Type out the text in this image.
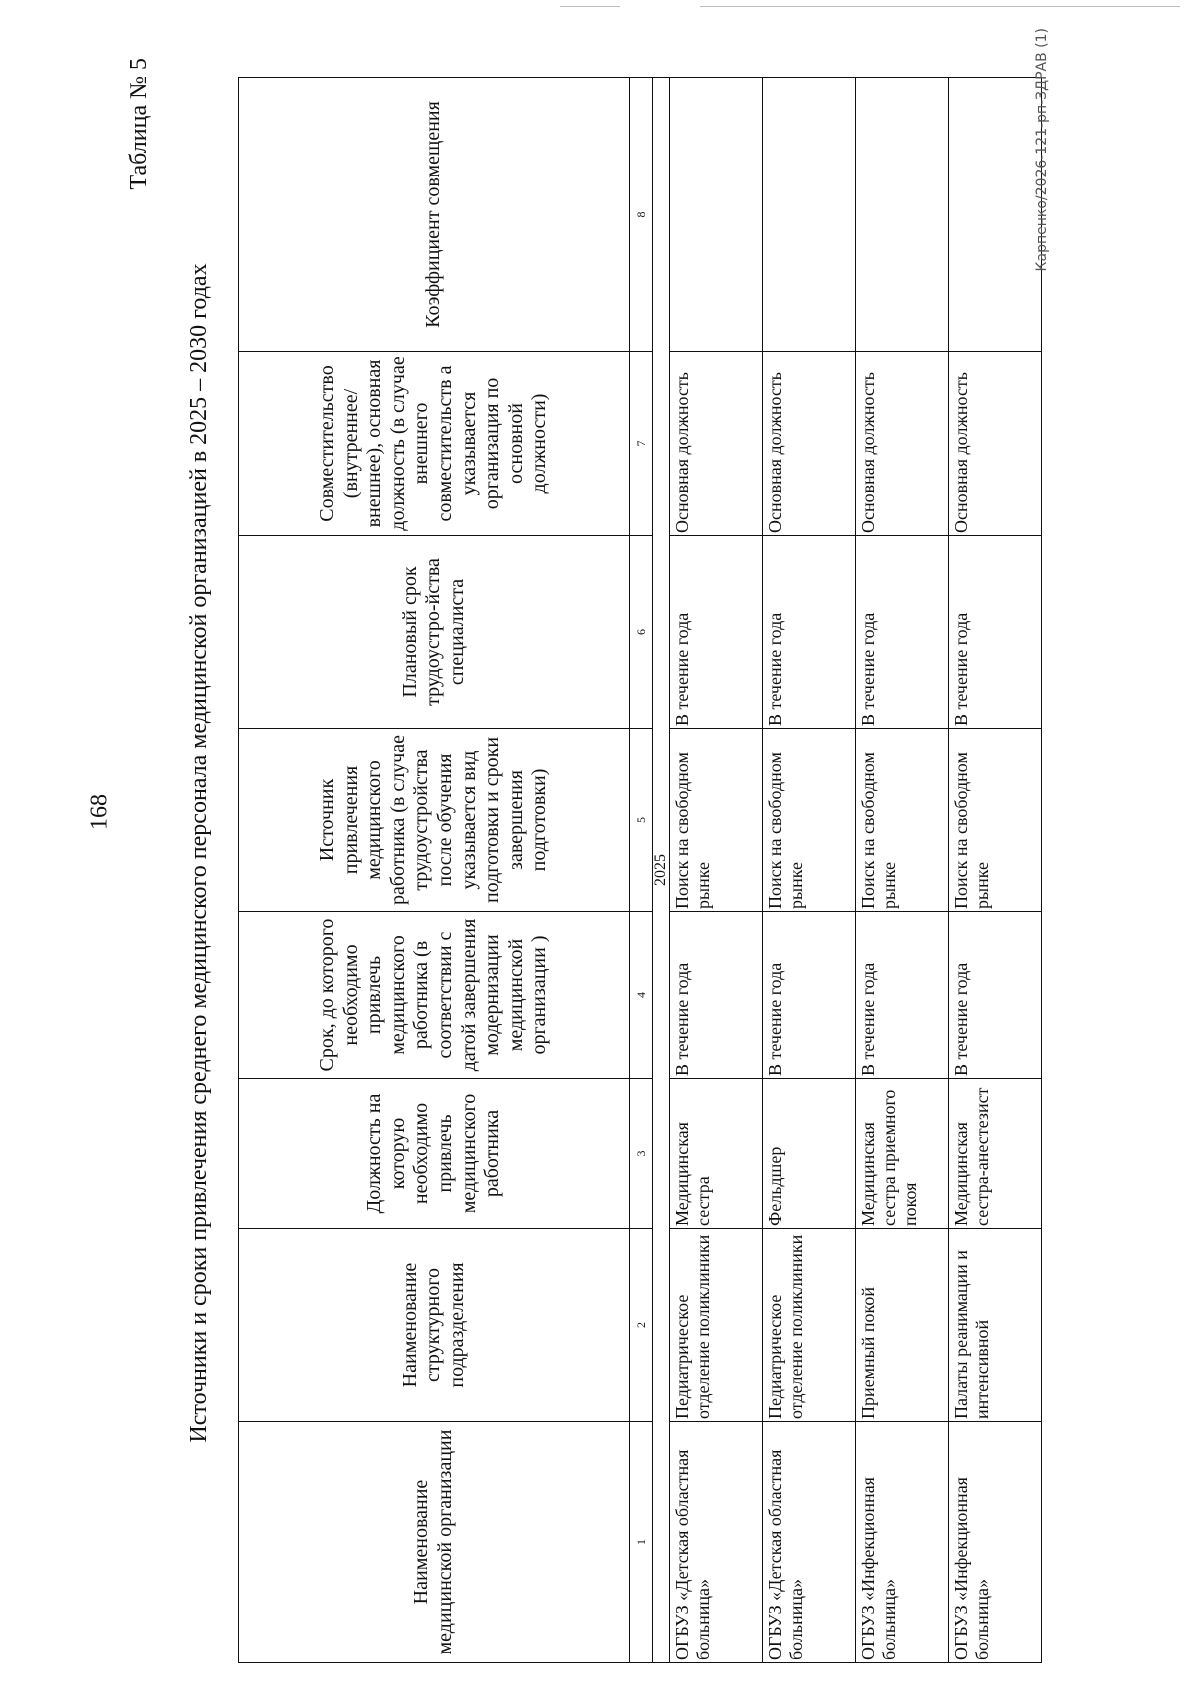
168
Таблица № 5
Источники и сроки привлечения среднего медицинского персонала медицинской организацией в 2025 – 2030 годах
Наименование медицинской организации	Наименование структурного подразделения	Должность на которую необходимо привлечь медицинского работника	Срок, до которого необходимо привлечь медицинского работника (в соответствии с датой завершения модернизации медицинской организации )	Источник привлечения медицинского работника (в случае трудоустройства после обучения указывается вид подготовки и сроки завершения подготовки)	Плановый срок трудоустро-йства специалиста	Совместительство (внутреннее/ внешнее), основная должность (в случае внешнего совместительств а указывается организация по основной должности)	Коэффициент совмещения
1	2	3	4	5	6	7	8
2025							
ОГБУЗ «Детская областная больница»	Педиатрическое отделение поликлиники	Медицинская сестра	В течение года	Поиск на свободном рынке	В течение года	Основная должность	
ОГБУЗ «Детская областная больница»	Педиатрическое отделение поликлиники	Фельдшер	В течение года	Поиск на свободном рынке	В течение года	Основная должность	
ОГБУЗ «Инфекционная больница»	Приемный покой	Медицинская сестра приемного покоя	В течение года	Поиск на свободном рынке	В течение года	Основная должность	
ОГБУЗ «Инфекционная больница»	Палаты реанимации и интенсивной	Медицинская сестра-анестезист	В течение года	Поиск на свободном рынке	В течение года	Основная должность	
Карпенко/2026-121-рп-ЗДРАВ (1)
